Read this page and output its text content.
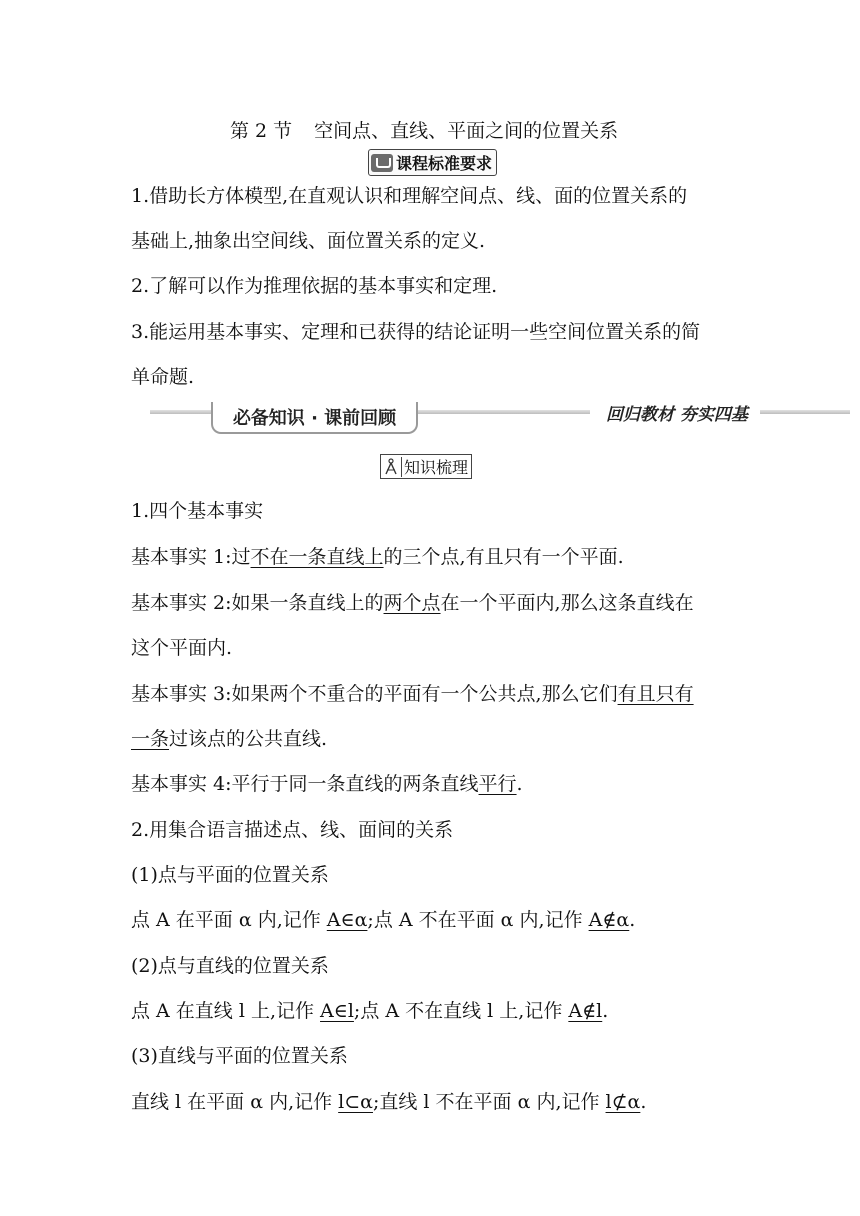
第 2 节 空间点、直线、平面之间的位置关系
课程标准要求
1.借助长方体模型,在直观认识和理解空间点、线、面的位置关系的
基础上,抽象出空间线、面位置关系的定义.
2.了解可以作为推理依据的基本事实和定理.
3.能运用基本事实、定理和已获得的结论证明一些空间位置关系的简
单命题.
必备知识 · 课前回顾	回归教材 夯实四基
知识梳理
1.四个基本事实
基本事实 1:过不在一条直线上的三个点,有且只有一个平面.
基本事实 2:如果一条直线上的两个点在一个平面内,那么这条直线在
这个平面内.
基本事实 3:如果两个不重合的平面有一个公共点,那么它们有且只有
一条过该点的公共直线.
基本事实 4:平行于同一条直线的两条直线平行.
2.用集合语言描述点、线、面间的关系
(1)点与平面的位置关系
点 A 在平面 α 内,记作 A∈α;点 A 不在平面 α 内,记作 A∉α.
(2)点与直线的位置关系
点 A 在直线 l 上,记作 A∈l;点 A 不在直线 l 上,记作 A∉l.
(3)直线与平面的位置关系
直线 l 在平面 α 内,记作 l⊂α;直线 l 不在平面 α 内,记作 l⊄α.
